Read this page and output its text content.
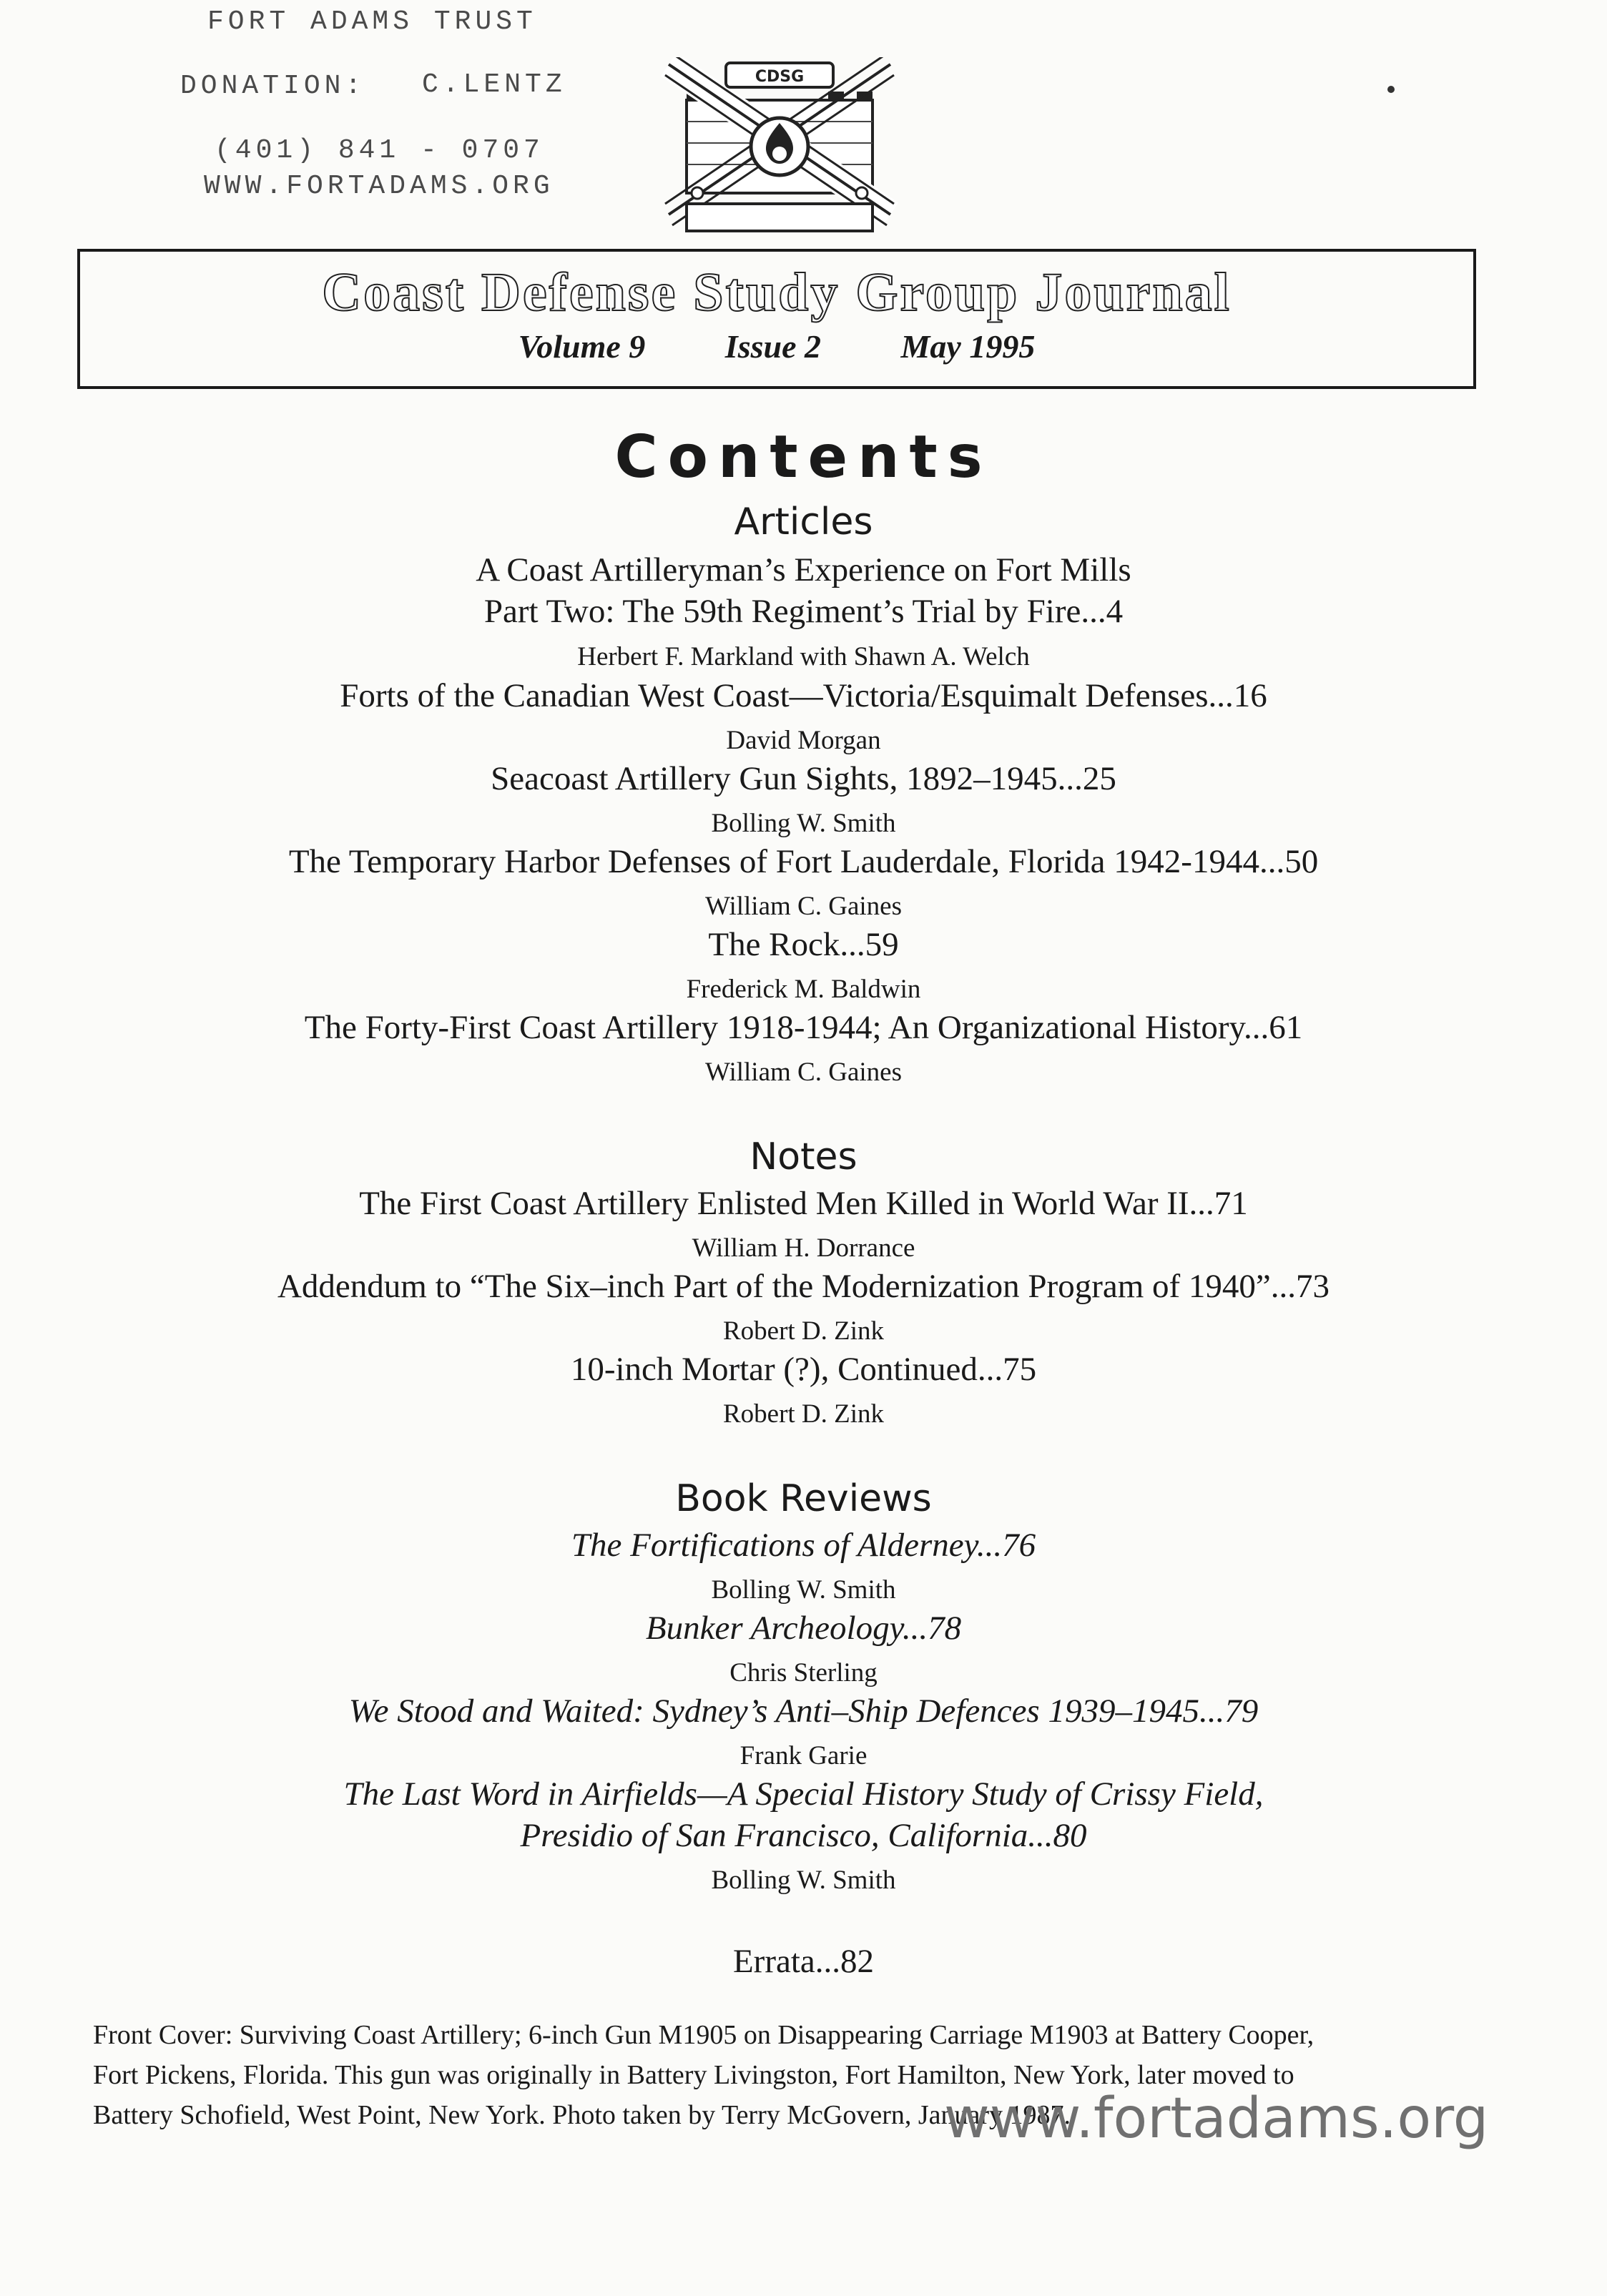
FORT ADAMS TRUST
DONATION: C.LENTZ
(401) 841 - 0707
WWW.FORTADAMS.ORG
CDSG
Coast Defense Study Group Journal
Volume 9 Issue 2 May 1995
Contents
Articles
A Coast Artilleryman’s Experience on Fort Mills
Part Two: The 59th Regiment’s Trial by Fire...4
Herbert F. Markland with Shawn A. Welch
Forts of the Canadian West Coast—Victoria/Esquimalt Defenses...16
David Morgan
Seacoast Artillery Gun Sights, 1892–1945...25
Bolling W. Smith
The Temporary Harbor Defenses of Fort Lauderdale, Florida 1942-1944...50
William C. Gaines
The Rock...59
Frederick M. Baldwin
The Forty-First Coast Artillery 1918-1944; An Organizational History...61
William C. Gaines
Notes
The First Coast Artillery Enlisted Men Killed in World War II...71
William H. Dorrance
Addendum to “The Six–inch Part of the Modernization Program of 1940”...73
Robert D. Zink
10-inch Mortar (?), Continued...75
Robert D. Zink
Book Reviews
The Fortifications of Alderney...76
Bolling W. Smith
Bunker Archeology...78
Chris Sterling
We Stood and Waited: Sydney’s Anti–Ship Defences 1939–1945...79
Frank Garie
The Last Word in Airfields—A Special History Study of Crissy Field,
Presidio of San Francisco, California...80
Bolling W. Smith
Errata...82
Front Cover: Surviving Coast Artillery; 6-inch Gun M1905 on Disappearing Carriage M1903 at Battery Cooper,
Fort Pickens, Florida. This gun was originally in Battery Livingston, Fort Hamilton, New York, later moved to
Battery Schofield, West Point, New York. Photo taken by Terry McGovern, January 1987.
www.fortadams.org
